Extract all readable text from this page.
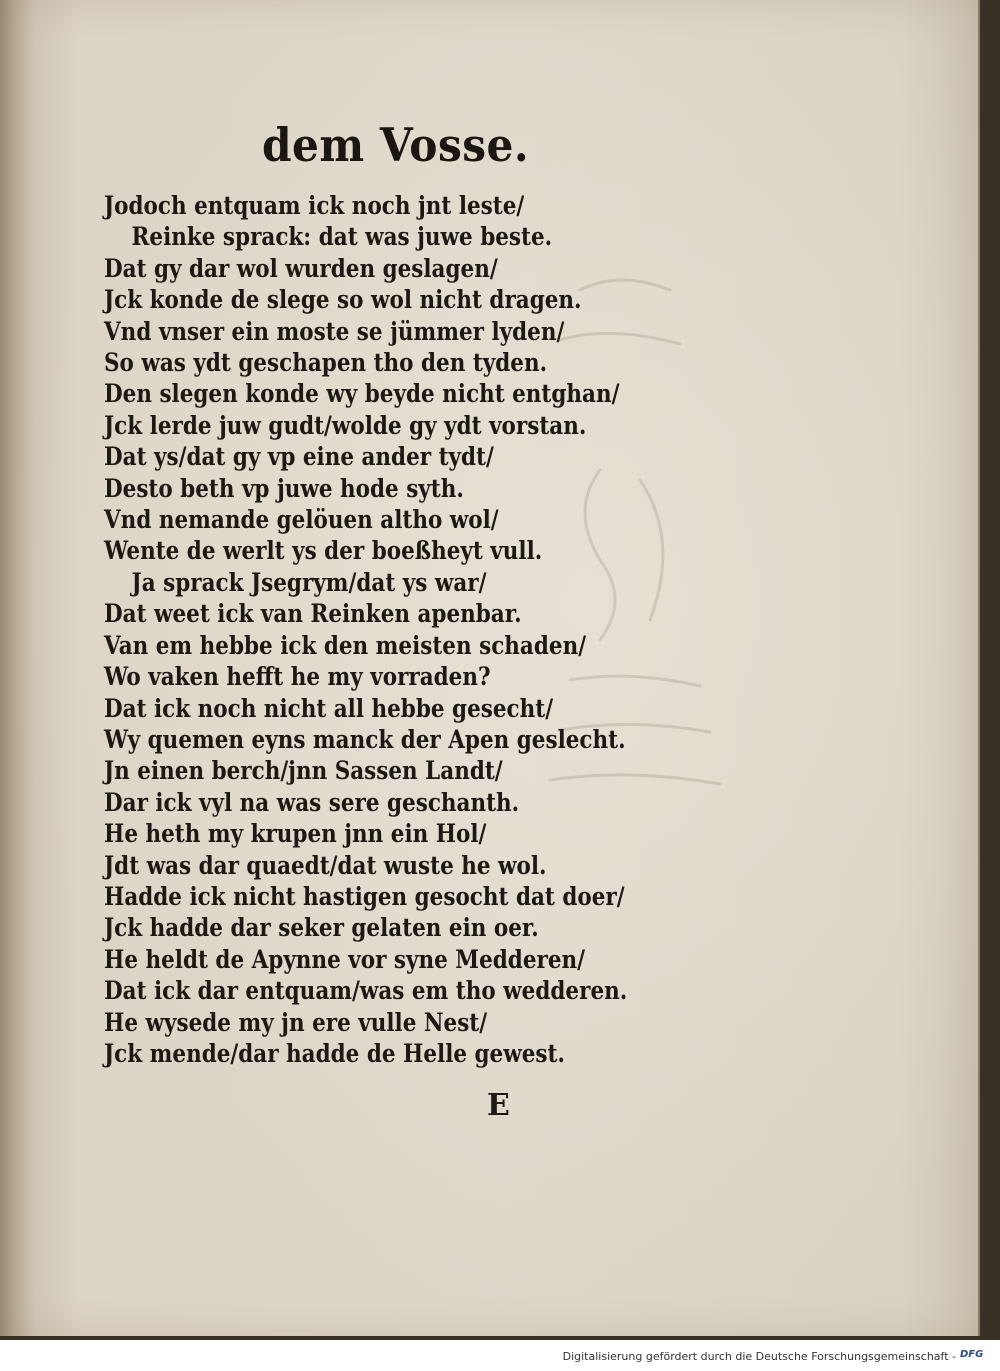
dem Vosse.
Jodoch entquam ick noch jnt leste/
Reinke sprack: dat was juwe beste.
Dat gy dar wol wurden geslagen/
Jck konde de slege so wol nicht dragen.
Vnd vnser ein moste se jümmer lyden/
So was ydt geschapen tho den tyden.
Den slegen konde wy beyde nicht entghan/
Jck lerde juw gudt/wolde gy ydt vorstan.
Dat ys/dat gy vp eine ander tydt/
Desto beth vp juwe hode syth.
Vnd nemande gelöuen altho wol/
Wente de werlt ys der boeßheyt vull.
Ja sprack Jsegrym/dat ys war/
Dat weet ick van Reinken apenbar.
Van em hebbe ick den meisten schaden/
Wo vaken hefft he my vorraden?
Dat ick noch nicht all hebbe gesecht/
Wy quemen eyns manck der Apen geslecht.
Jn einen berch/jnn Sassen Landt/
Dar ick vyl na was sere geschanth.
He heth my krupen jnn ein Hol/
Jdt was dar quaedt/dat wuste he wol.
Hadde ick nicht hastigen gesocht dat doer/
Jck hadde dar seker gelaten ein oer.
He heldt de Apynne vor syne Medderen/
Dat ick dar entquam/was em tho wedderen.
He wysede my jn ere vulle Nest/
Jck mende/dar hadde de Helle gewest.
E
Digitalisierung gefördert durch die Deutsche Forschungsgemeinschaft - DFG
